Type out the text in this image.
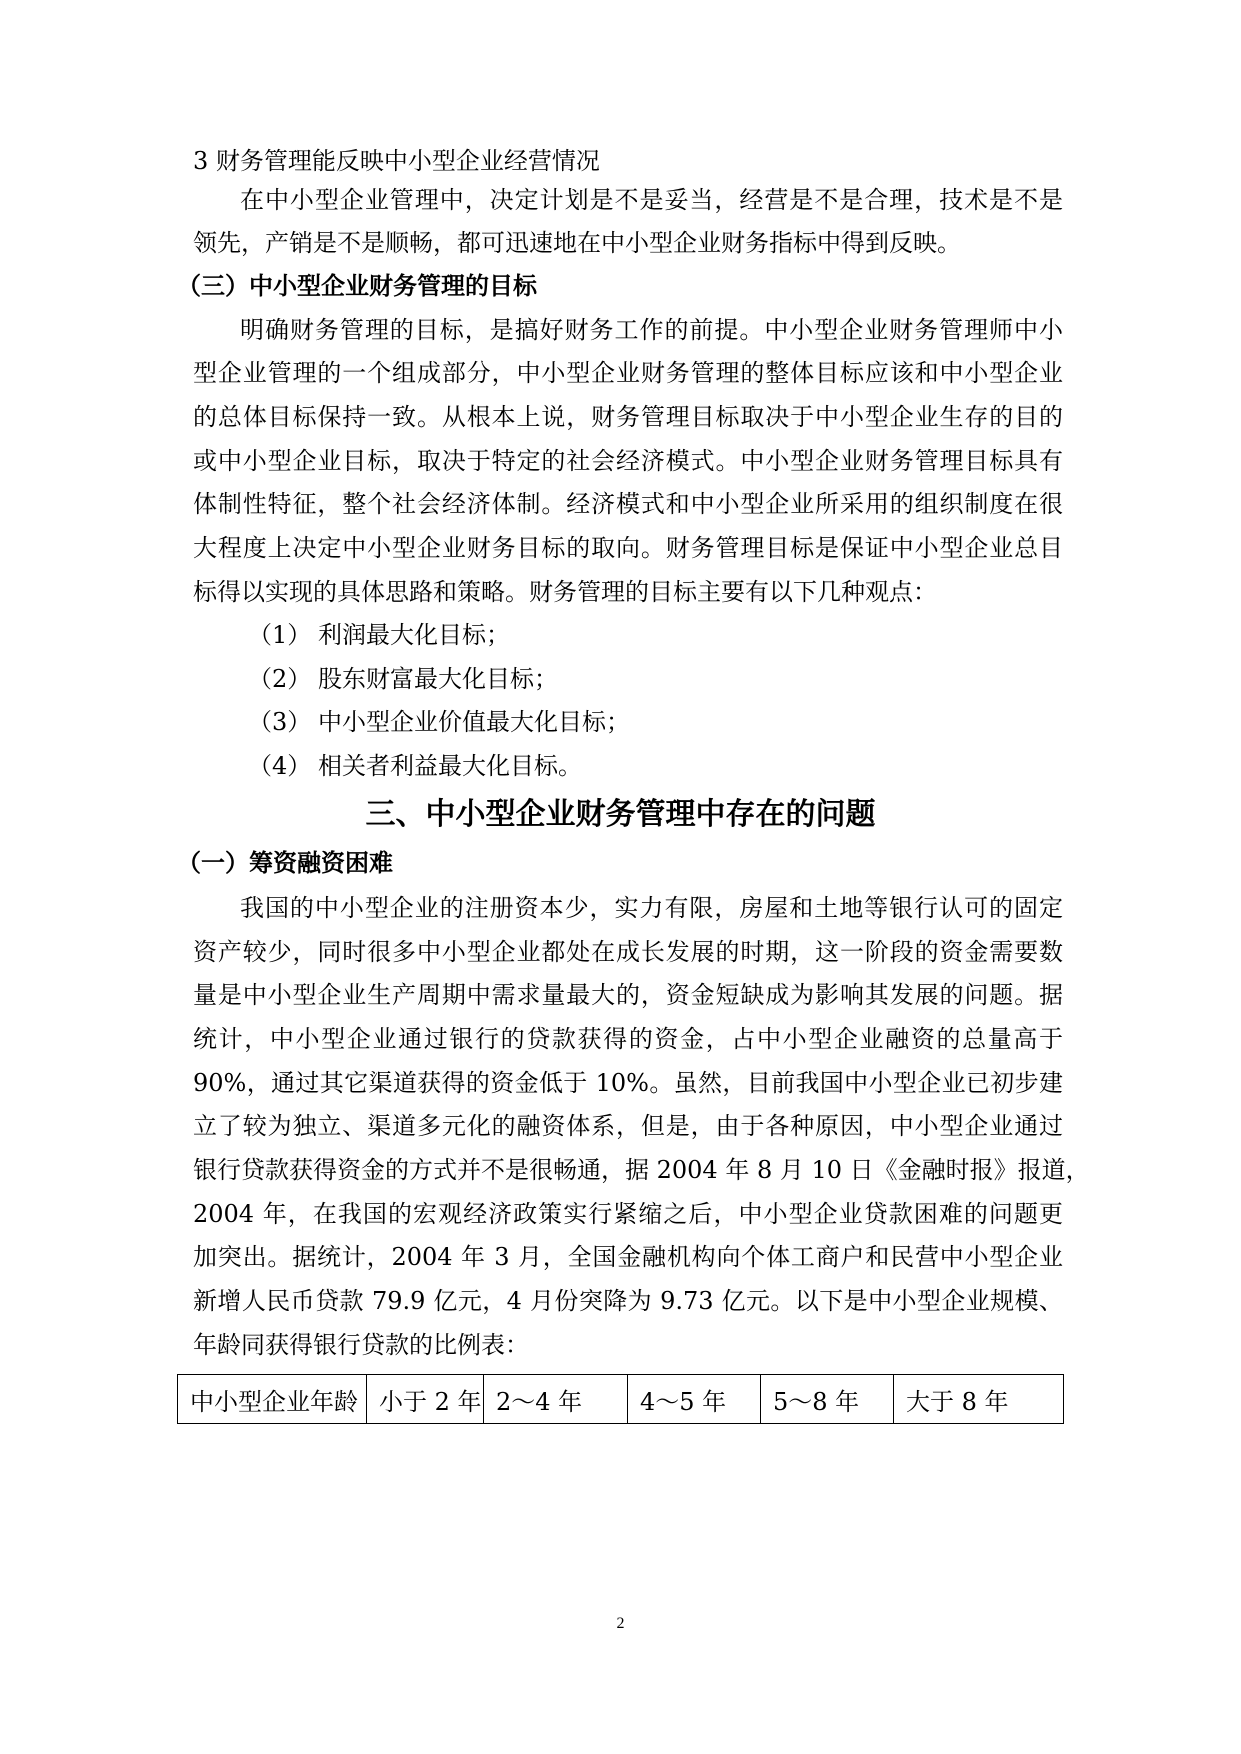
3 财务管理能反映中小型企业经营情况
在中小型企业管理中，决定计划是不是妥当，经营是不是合理，技术是不是
领先，产销是不是顺畅，都可迅速地在中小型企业财务指标中得到反映。
（三）中小型企业财务管理的目标
明确财务管理的目标，是搞好财务工作的前提。中小型企业财务管理师中小
型企业管理的一个组成部分，中小型企业财务管理的整体目标应该和中小型企业
的总体目标保持一致。从根本上说，财务管理目标取决于中小型企业生存的目的
或中小型企业目标，取决于特定的社会经济模式。中小型企业财务管理目标具有
体制性特征，整个社会经济体制。经济模式和中小型企业所采用的组织制度在很
大程度上决定中小型企业财务目标的取向。财务管理目标是保证中小型企业总目
标得以实现的具体思路和策略。财务管理的目标主要有以下几种观点：
（1） 利润最大化目标；
（2） 股东财富最大化目标；
（3） 中小型企业价值最大化目标；
（4） 相关者利益最大化目标。
三、中小型企业财务管理中存在的问题
（一）筹资融资困难
我国的中小型企业的注册资本少，实力有限，房屋和土地等银行认可的固定
资产较少，同时很多中小型企业都处在成长发展的时期，这一阶段的资金需要数
量是中小型企业生产周期中需求量最大的，资金短缺成为影响其发展的问题。据
统计，中小型企业通过银行的贷款获得的资金，占中小型企业融资的总量高于
90%，通过其它渠道获得的资金低于 10%。虽然，目前我国中小型企业已初步建
立了较为独立、渠道多元化的融资体系，但是，由于各种原因，中小型企业通过
银行贷款获得资金的方式并不是很畅通，据 2004 年 8 月 10 日《金融时报》报道，
2004 年，在我国的宏观经济政策实行紧缩之后，中小型企业贷款困难的问题更
加突出。据统计，2004 年 3 月，全国金融机构向个体工商户和民营中小型企业
新增人民币贷款 79.9 亿元，4 月份突降为 9.73 亿元。以下是中小型企业规模、
年龄同获得银行贷款的比例表：
中小型企业年龄	小于 2 年	2～4 年	4～5 年	5～8 年	大于 8 年
2
